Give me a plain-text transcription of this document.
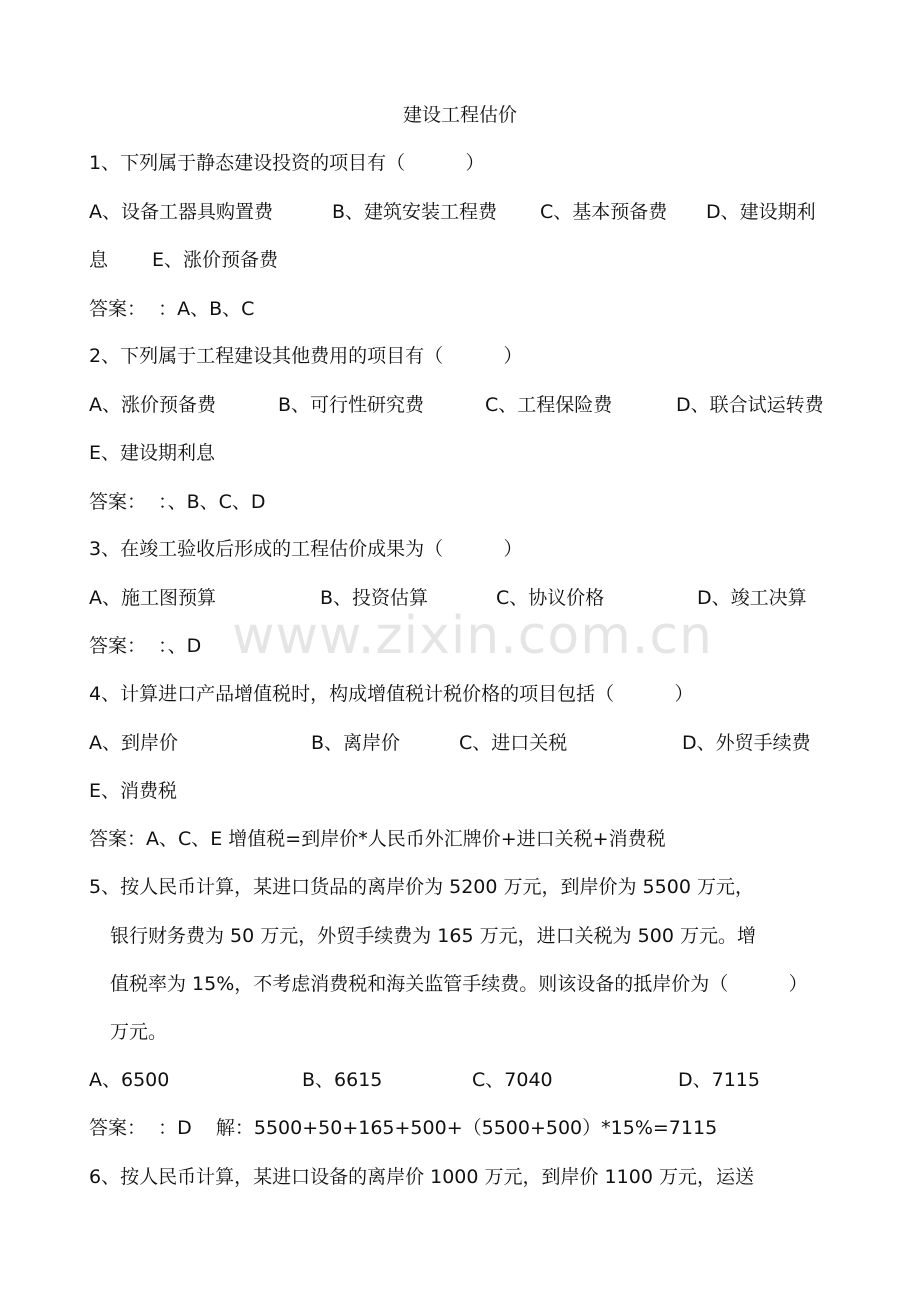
www.zixin.com.cn
建设工程估价
1、下列属于静态建设投资的项目有（          ）
A、设备工器具购置费	B、建筑安装工程费 C、基本预备费 D、建设期利
息 E、涨价预备费
答案：  ：A、B、C
2、下列属于工程建设其他费用的项目有（          ）
A、涨价预备费	B、可行性研究费	C、工程保险费	D、联合试运转费
E、建设期利息
答案：  ：、B、C、D
3、在竣工验收后形成的工程估价成果为（          ）
A、施工图预算	B、投资估算	C、协议价格	D、竣工决算
答案：  ：、D
4、计算进口产品增值税时，构成增值税计税价格的项目包括（          ）
A、到岸价	B、离岸价	C、进口关税	D、外贸手续费
E、消费税
答案：A、C、E 增值税=到岸价*人民币外汇牌价+进口关税+消费税
5、按人民币计算，某进口货品的离岸价为 5200 万元，到岸价为 5500 万元，
银行财务费为 50 万元，外贸手续费为 165 万元，进口关税为 500 万元。增
值税率为 15%，不考虑消费税和海关监管手续费。则该设备的抵岸价为（          ）
万元。
A、6500	B、6615	C、7040	D、7115
答案：  ：D    解：5500+50+165+500+（5500+500）*15%=7115
6、按人民币计算，某进口设备的离岸价 1000 万元，到岸价 1100 万元，运送
